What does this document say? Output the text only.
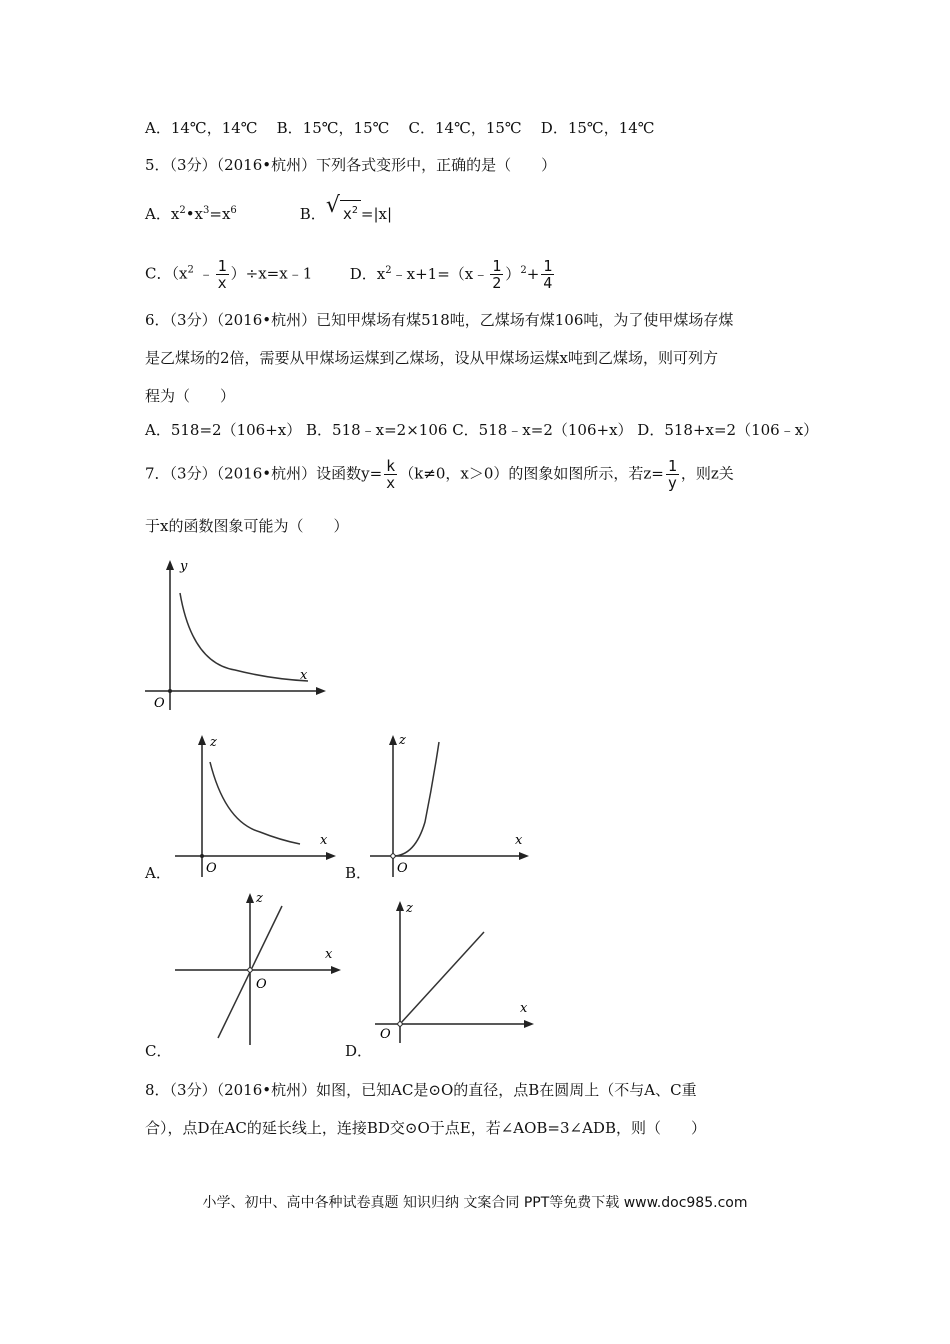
A．14℃，14℃ B．15℃，15℃ C．14℃，15℃ D．15℃，14℃
5．（3分）（2016•杭州）下列各式变形中，正确的是（　　）
A．$x^2•x^3=x^6$	B． √ $x^2 =|x|$
C．（$x^2$ ﹣ $\frac{1}{x}$ ）÷x=x﹣1	D．$x^2﹣x+1=(x﹣ \frac{1}{2} )^2+ \frac{1}{4}$
6．（3分）（2016•杭州）已知甲煤场有煤518吨，乙煤场有煤106吨，为了使甲煤场存煤
是乙煤场的2倍，需要从甲煤场运煤到乙煤场，设从甲煤场运煤x吨到乙煤场，则可列方
程为（　　）
A．518=2（106+x） B．518﹣x=2×106 C．518﹣x=2（106+x） D．518+x=2（106﹣x）
7．（3分）（2016•杭州）设函数$y= \frac{k}{x} (k\ne 0$，x＞0）的图象如图所示，若$z= \frac{1}{y}$ ，则z关
于x的函数图象可能为（　　）
y
x
O
A．
z
x
O	B．
z
x
O
C．
z
x
O
D．
z
x
O
8．（3分）（2016•杭州）如图，已知AC是⊙O的直径，点B在圆周上（不与A、C重
合），点D在AC的延长线上，连接BD交⊙O于点E，若∠AOB=3∠ADB，则（　　）
小学、初中、高中各种试卷真题 知识归纳 文案合同 PPT等免费下载 www.doc985.com
